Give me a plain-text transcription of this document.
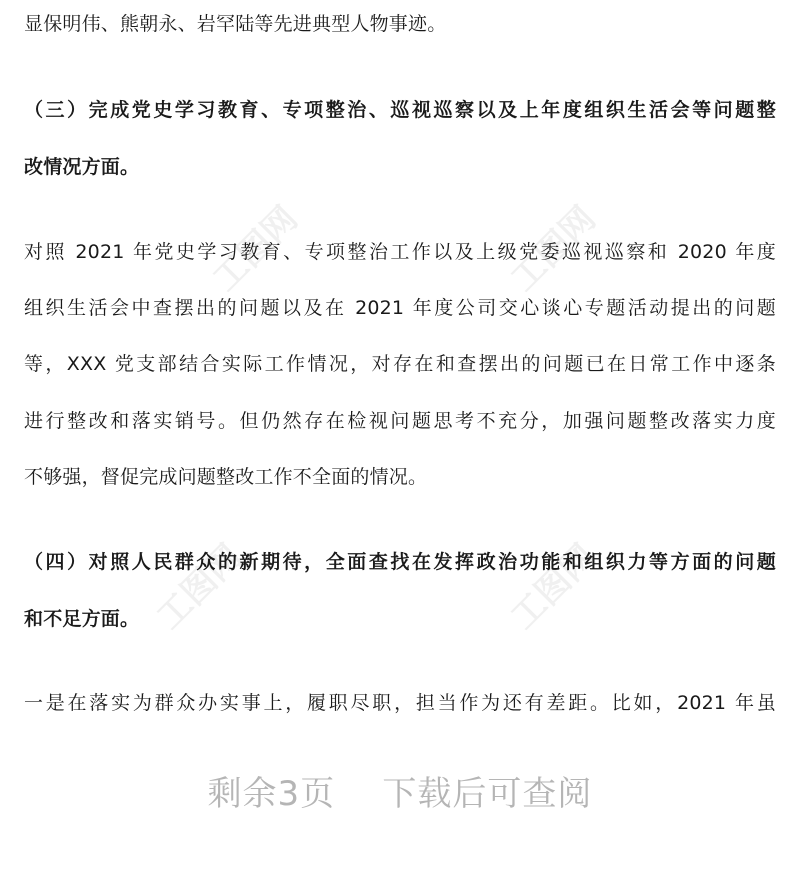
工图网	工图网
工图网	工图网
显保明伟、熊朝永、岩罕陆等先进典型人物事迹。
（三）完成党史学习教育、专项整治、巡视巡察以及上年度组织生活会等问题整
改情况方面。
对照 2021 年党史学习教育、专项整治工作以及上级党委巡视巡察和 2020 年度
组织生活会中查摆出的问题以及在 2021 年度公司交心谈心专题活动提出的问题
等，XXX 党支部结合实际工作情况，对存在和查摆出的问题已在日常工作中逐条
进行整改和落实销号。但仍然存在检视问题思考不充分，加强问题整改落实力度
不够强，督促完成问题整改工作不全面的情况。
（四）对照人民群众的新期待，全面查找在发挥政治功能和组织力等方面的问题
和不足方面。
一是在落实为群众办实事上，履职尽职，担当作为还有差距。比如，2021 年虽
剩余3页    下载后可查阅
